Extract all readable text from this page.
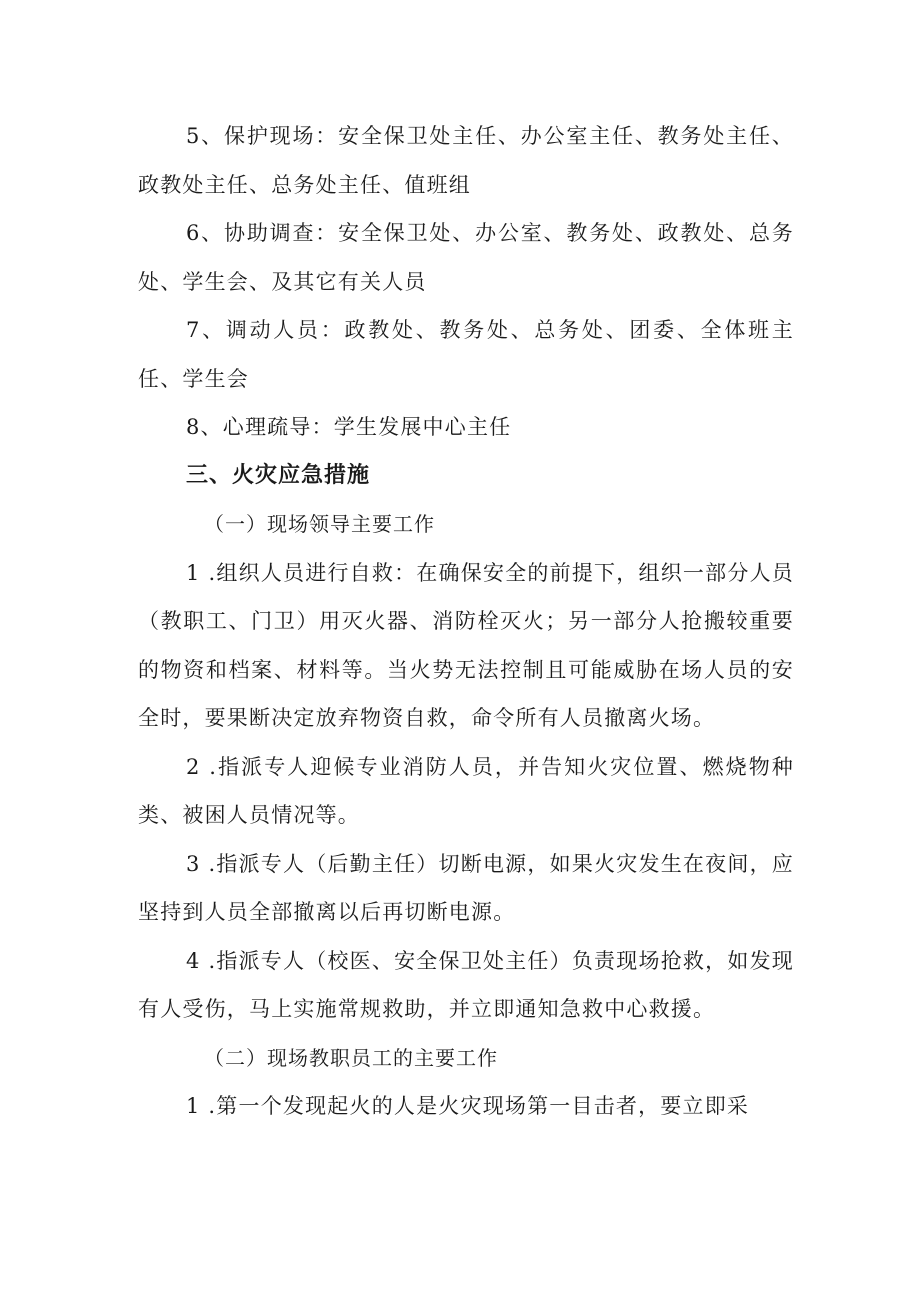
5、保护现场：安全保卫处主任、办公室主任、教务处主任、政教处主任、总务处主任、值班组

6、协助调查：安全保卫处、办公室、教务处、政教处、总务处、学生会、及其它有关人员

7、调动人员：政教处、教务处、总务处、团委、全体班主任、学生会

8、心理疏导：学生发展中心主任

三、火灾应急措施

（一）现场领导主要工作

1 .组织人员进行自救：在确保安全的前提下，组织一部分人员（教职工、门卫）用灭火器、消防栓灭火；另一部分人抢搬较重要的物资和档案、材料等。当火势无法控制且可能威胁在场人员的安全时，要果断决定放弃物资自救，命令所有人员撤离火场。

2 .指派专人迎候专业消防人员，并告知火灾位置、燃烧物种类、被困人员情况等。

3 .指派专人（后勤主任）切断电源，如果火灾发生在夜间，应坚持到人员全部撤离以后再切断电源。

4 .指派专人（校医、安全保卫处主任）负责现场抢救，如发现有人受伤，马上实施常规救助，并立即通知急救中心救援。

（二）现场教职员工的主要工作

1 .第一个发现起火的人是火灾现场第一目击者，要立即采
